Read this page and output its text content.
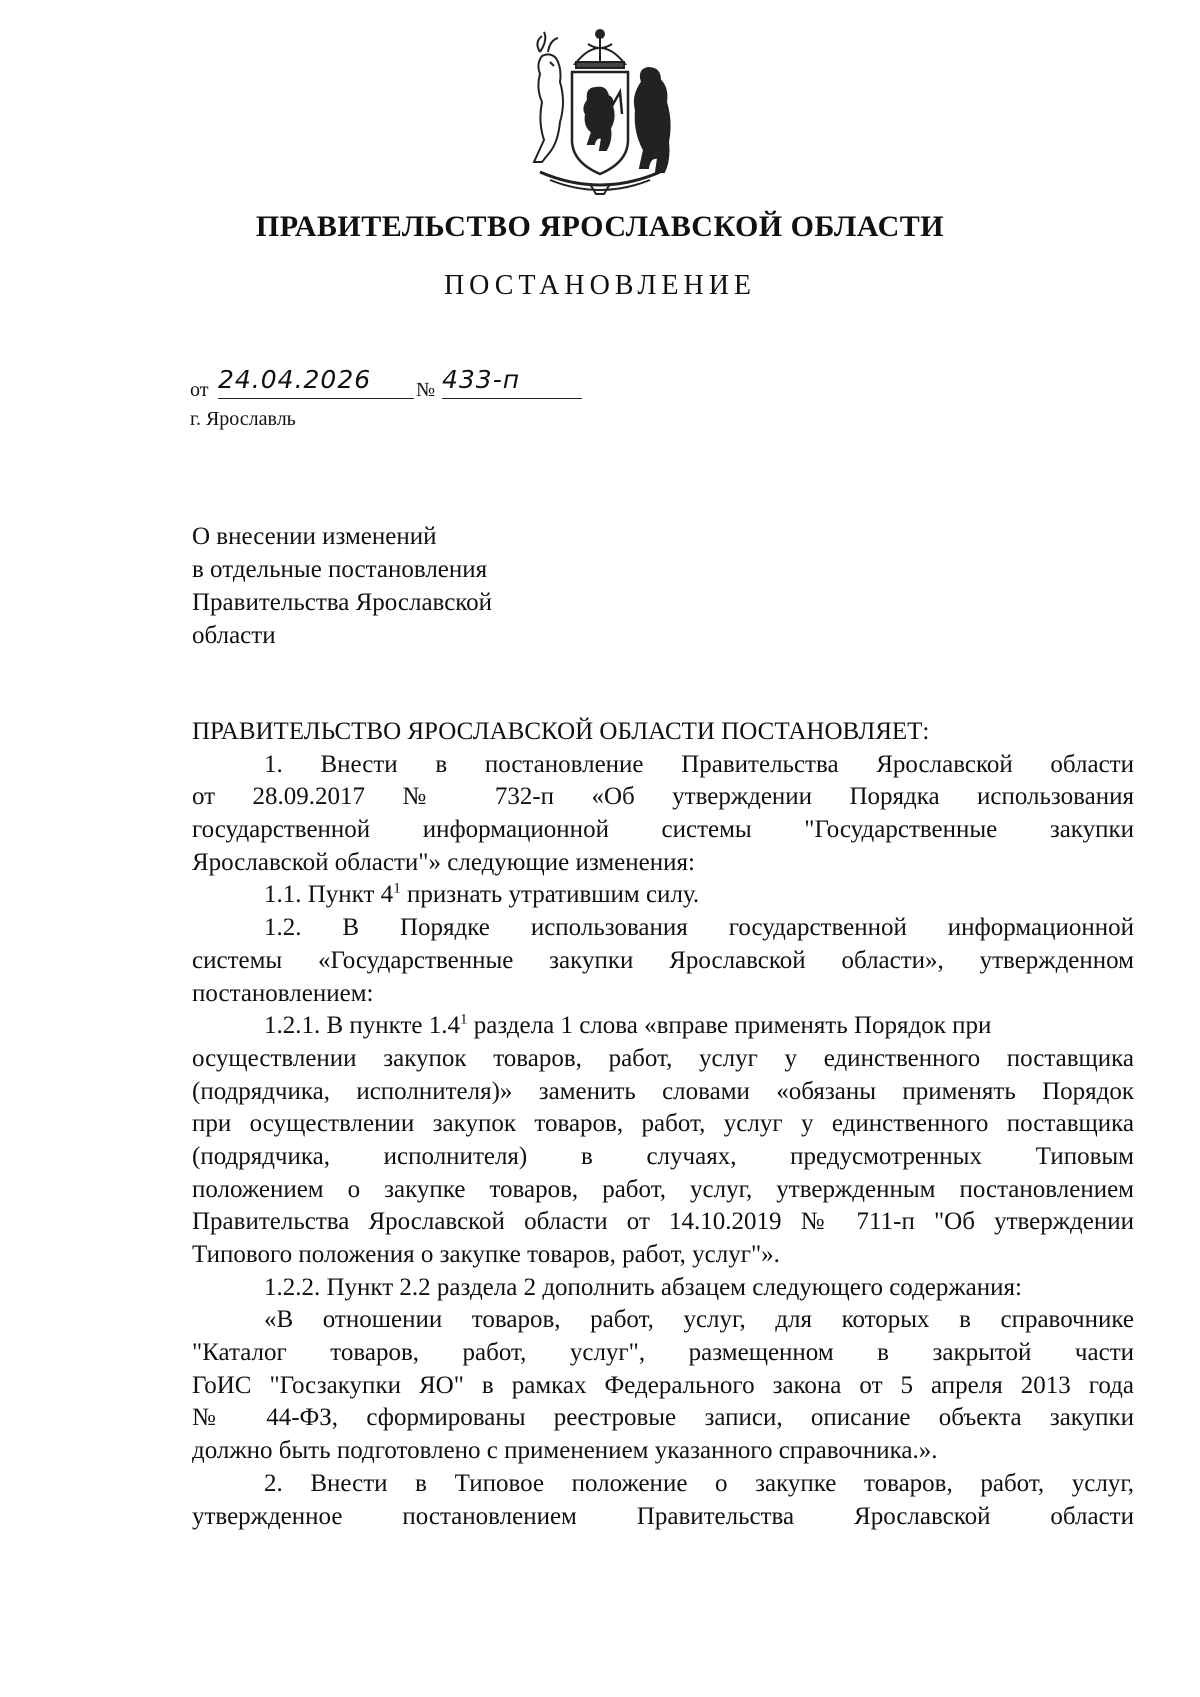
ПРАВИТЕЛЬСТВО ЯРОСЛАВСКОЙ ОБЛАСТИ
ПОСТАНОВЛЕНИЕ
от 24.04.2026	№ 433-п
г. Ярославль
О внесении изменений
в отдельные постановления
Правительства Ярославской
области
ПРАВИТЕЛЬСТВО ЯРОСЛАВСКОЙ ОБЛАСТИ ПОСТАНОВЛЯЕТ:
1. Внести в постановление Правительства Ярославской области
от 28.09.2017 № 732-п «Об утверждении Порядка использования
государственной информационной системы "Государственные закупки
Ярославской области"» следующие изменения:
1.1. Пункт $4^1$ признать утратившим силу.
1.2. В Порядке использования государственной информационной
системы «Государственные закупки Ярославской области», утвержденном
постановлением:
1.2.1. В пункте $1.4^1$ раздела 1 слова «вправе применять Порядок при
осуществлении закупок товаров, работ, услуг у единственного поставщика
(подрядчика, исполнителя)» заменить словами «обязаны применять Порядок
при осуществлении закупок товаров, работ, услуг у единственного поставщика
(подрядчика, исполнителя) в случаях, предусмотренных Типовым
положением о закупке товаров, работ, услуг, утвержденным постановлением
Правительства Ярославской области от 14.10.2019 № 711-п "Об утверждении
Типового положения о закупке товаров, работ, услуг"».
1.2.2. Пункт 2.2 раздела 2 дополнить абзацем следующего содержания:
«В отношении товаров, работ, услуг, для которых в справочнике
"Каталог товаров, работ, услуг", размещенном в закрытой части
ГоИС "Госзакупки ЯО" в рамках Федерального закона от 5 апреля 2013 года
№ 44-ФЗ, сформированы реестровые записи, описание объекта закупки
должно быть подготовлено с применением указанного справочника.».
2. Внести в Типовое положение о закупке товаров, работ, услуг,
утвержденное постановлением Правительства Ярославской области
